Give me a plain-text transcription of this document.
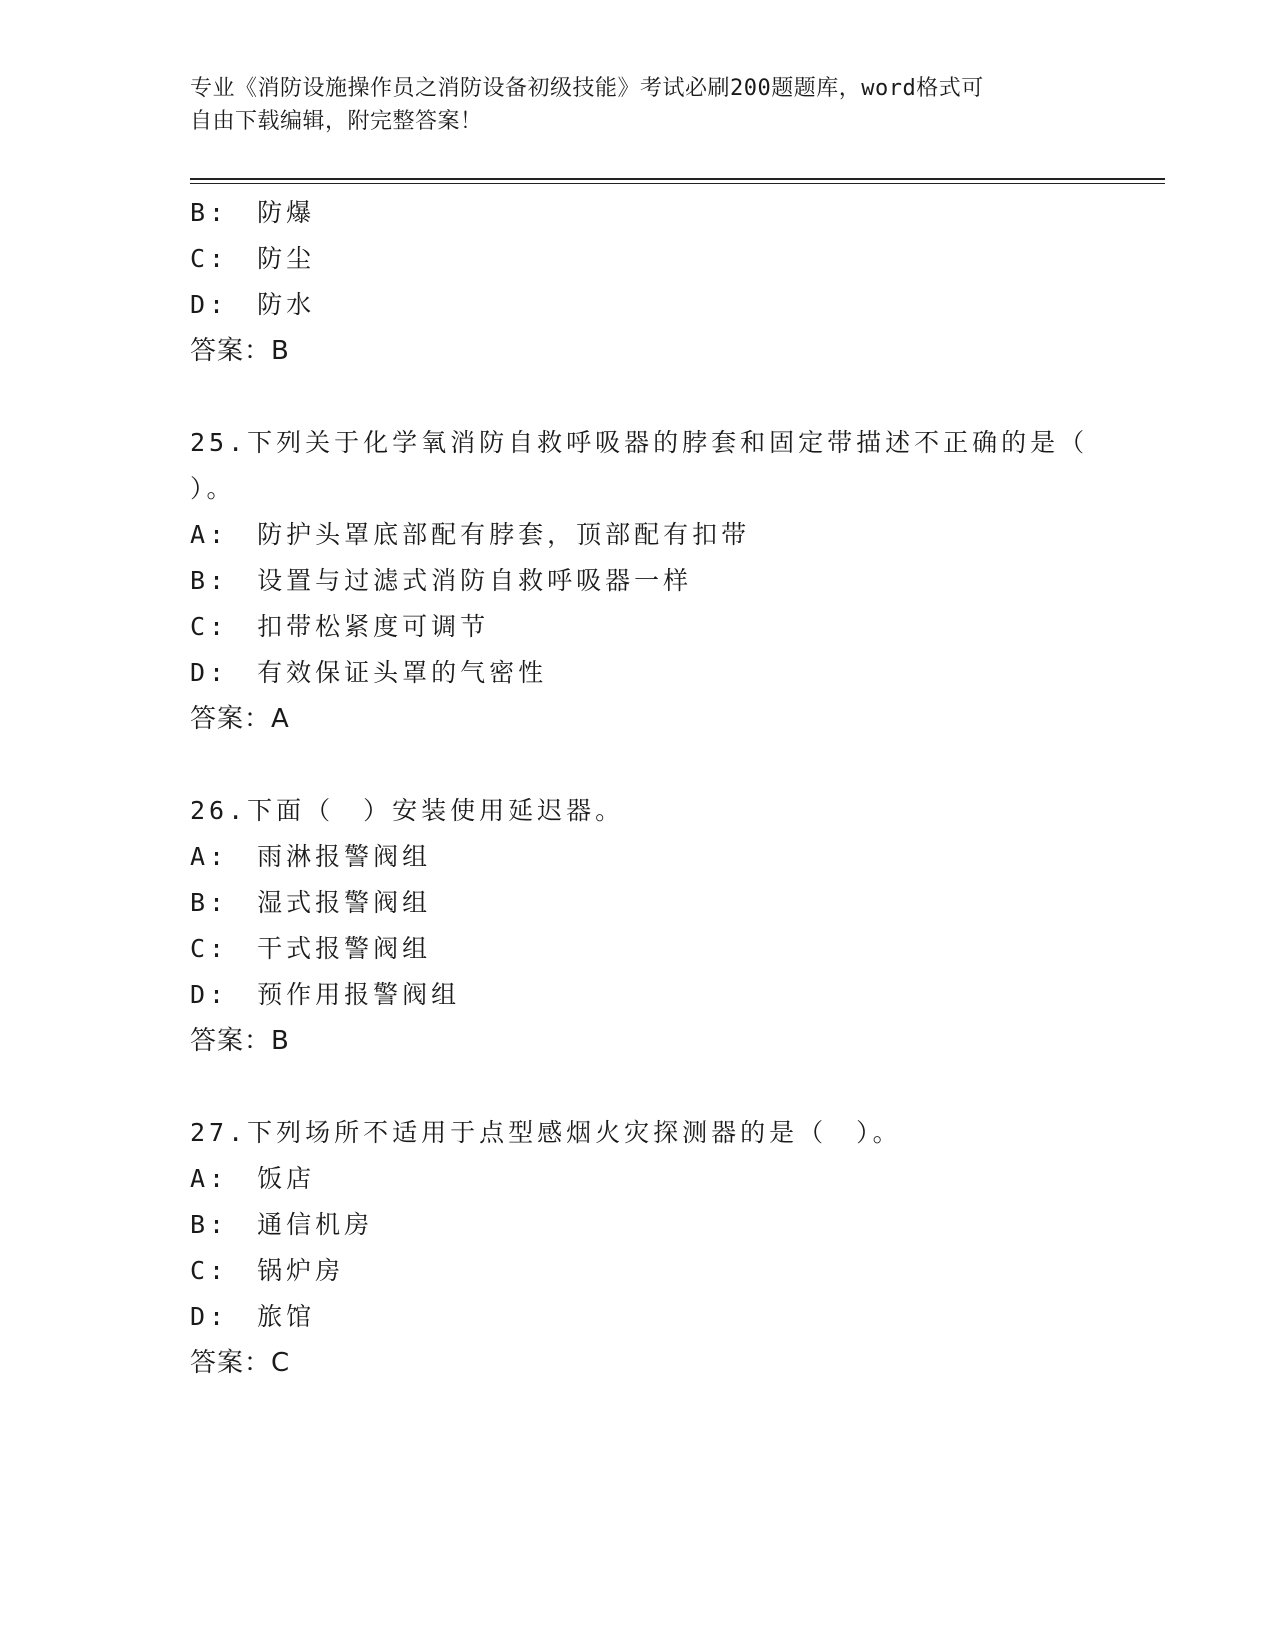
专业《消防设施操作员之消防设备初级技能》考试必刷200题题库，word格式可
自由下载编辑，附完整答案！
B:　 防爆
C:　 防尘
D:　 防水
答案：B
25.下列关于化学氧消防自救呼吸器的脖套和固定带描述不正确的是（
）。
A:　 防护头罩底部配有脖套，顶部配有扣带
B:　 设置与过滤式消防自救呼吸器一样
C:　 扣带松紧度可调节
D:　 有效保证头罩的气密性
答案：A
26.下面（　）安装使用延迟器。
A:　 雨淋报警阀组
B:　 湿式报警阀组
C:　 干式报警阀组
D:　 预作用报警阀组
答案：B
27.下列场所不适用于点型感烟火灾探测器的是（　）。
A:　 饭店
B:　 通信机房
C:　 锅炉房
D:　 旅馆
答案：C
